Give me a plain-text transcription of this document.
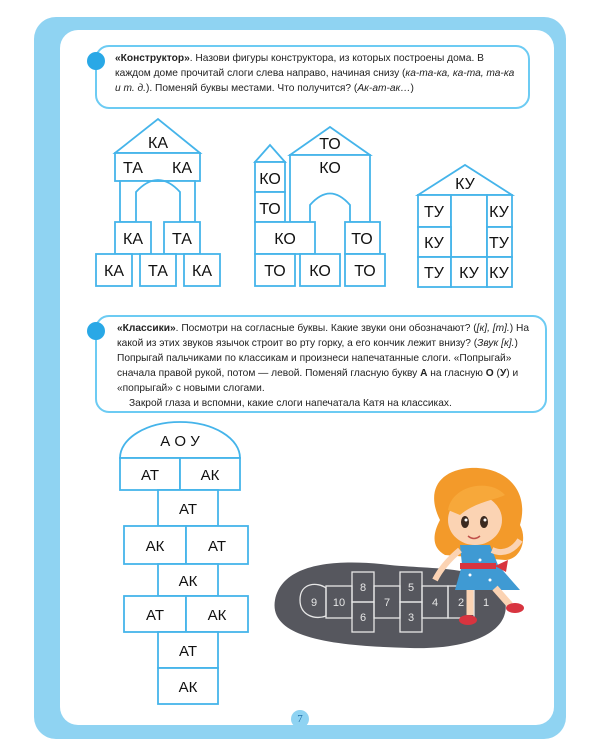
«Конструктор». Назови фигуры конструктора, из которых построены дома. В каждом доме прочитай слоги слева направо, начиная снизу (ка-та-ка, ка-та, та-ка и т. д.). Поменяй буквы местами. Что получится? (Ак-ат-ак…)

КА
ТА КА
КА ТА
КА ТА КА
ТО
КО
ТО
КО
КО	ТО
ТО КО ТО
КУ
ТУ	КУ
КУ	ТУ
ТУ КУ КУ

«Классики». Посмотри на согласные буквы. Какие звуки они обозначают? ([к], [т].) На какой из этих звуков язычок строит во рту горку, а его кончик лежит внизу? (Звук [к].) Попрыгай пальчиками по классикам и произнеси напечатанные слоги. «Попрыгай» сначала правой рукой, потом — левой. Поменяй гласную букву А на гласную О (У) и «попрыгай» с новыми слогами.

Закрой глаза и вспомни, какие слоги напечатала Катя на классиках.

А О У
АТ	АК
АТ
АК	АТ
АК
АТ	АК
АТ
АК
9 10
8
6
7
5
3
4 2 1
7
